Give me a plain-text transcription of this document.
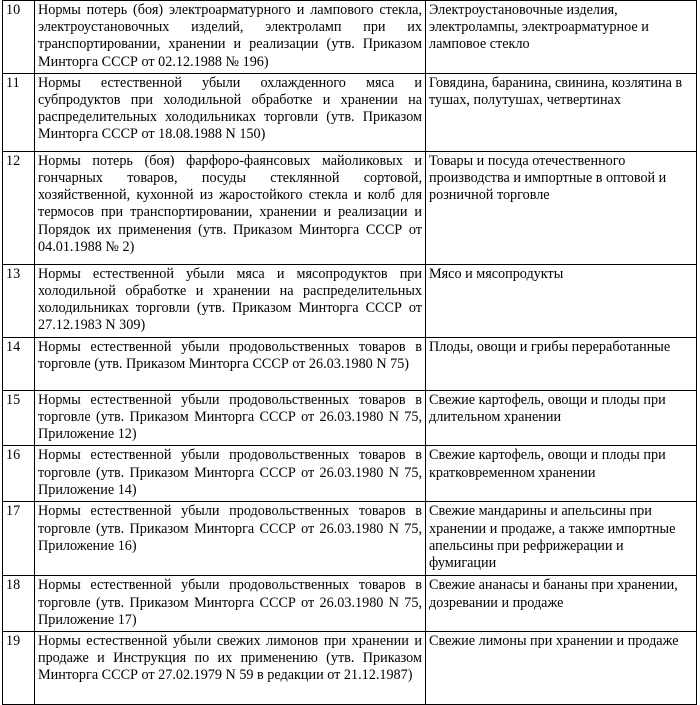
10	Нормы потерь (боя) электроарматурного и лампового стекла, электроустановочных изделий, электроламп при их транспортировании, хранении и реализации (утв. Приказом Минторга СССР от 02.12.1988 № 196)	Электроустановочные изделия, электролампы, электроарматурное и ламповое стекло
11	Нормы естественной убыли охлажденного мяса и субпродуктов при холодильной обработке и хранении на распределительных холодильниках торговли (утв. Приказом Минторга СССР от 18.08.1988 N 150)	Говядина, баранина, свинина, козлятина в тушах, полутушах, четвертинах
12	Нормы потерь (боя) фарфоро-фаянсовых майоликовых и гончарных товаров, посуды стеклянной сортовой, хозяйственной, кухонной из жаростойкого стекла и колб для термосов при транспортировании, хранении и реализации и Порядок их применения (утв. Приказом Минторга СССР от 04.01.1988 № 2)	Товары и посуда отечественного производства и импортные в оптовой и розничной торговле
13	Нормы естественной убыли мяса и мясопродуктов при холодильной обработке и хранении на распределительных холодильниках торговли (утв. Приказом Минторга СССР от 27.12.1983 N 309)	Мясо и мясопродукты
14	Нормы естественной убыли продовольственных товаров в торговле (утв. Приказом Минторга СССР от 26.03.1980 N 75)	Плоды, овощи и грибы переработанные
15	Нормы естественной убыли продовольственных товаров в торговле (утв. Приказом Минторга СССР от 26.03.1980 N 75, Приложение 12)	Свежие картофель, овощи и плоды при длительном хранении
16	Нормы естественной убыли продовольственных товаров в торговле (утв. Приказом Минторга СССР от 26.03.1980 N 75, Приложение 14)	Свежие картофель, овощи и плоды при кратковременном хранении
17	Нормы естественной убыли продовольственных товаров в торговле (утв. Приказом Минторга СССР от 26.03.1980 N 75, Приложение 16)	Свежие мандарины и апельсины при хранении и продаже, а также импортные апельсины при рефрижерации и фумигации
18	Нормы естественной убыли продовольственных товаров в торговле (утв. Приказом Минторга СССР от 26.03.1980 N 75, Приложение 17)	Свежие ананасы и бананы при хранении, дозревании и продаже
19	Нормы естественной убыли свежих лимонов при хранении и продаже и Инструкция по их применению (утв. Приказом Минторга СССР от 27.02.1979 N 59 в редакции от 21.12.1987)	Свежие лимоны при хранении и продаже
